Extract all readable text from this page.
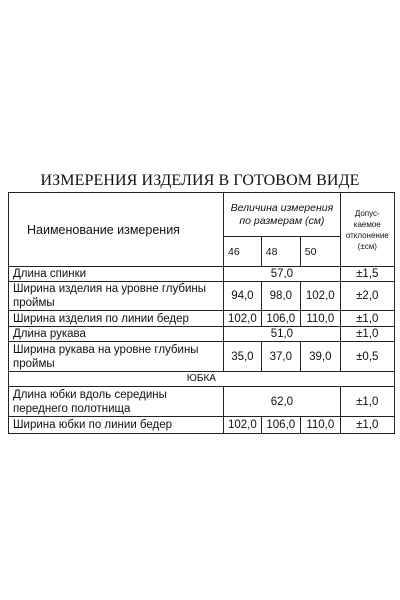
ИЗМЕРЕНИЯ ИЗДЕЛИЯ В ГОТОВОМ ВИДЕ
Наименование измерения	Величина измерения по размерам (см)			Допус-каемое отклонение (±см)
	46	48	50	
Длина спинки	57,0			±1,5
Ширина изделия на уровне глубины проймы	94,0	98,0	102,0	±2,0
Ширина изделия по линии бедер	102,0	106,0	110,0	±1,0
Длина рукава	51,0			±1,0
Ширина рукава на уровне глубины проймы	35,0	37,0	39,0	±0,5
ЮБКА				
Длина юбки вдоль середины переднего полотнища	62,0			±1,0
Ширина юбки по линии бедер	102,0	106,0	110,0	±1,0
